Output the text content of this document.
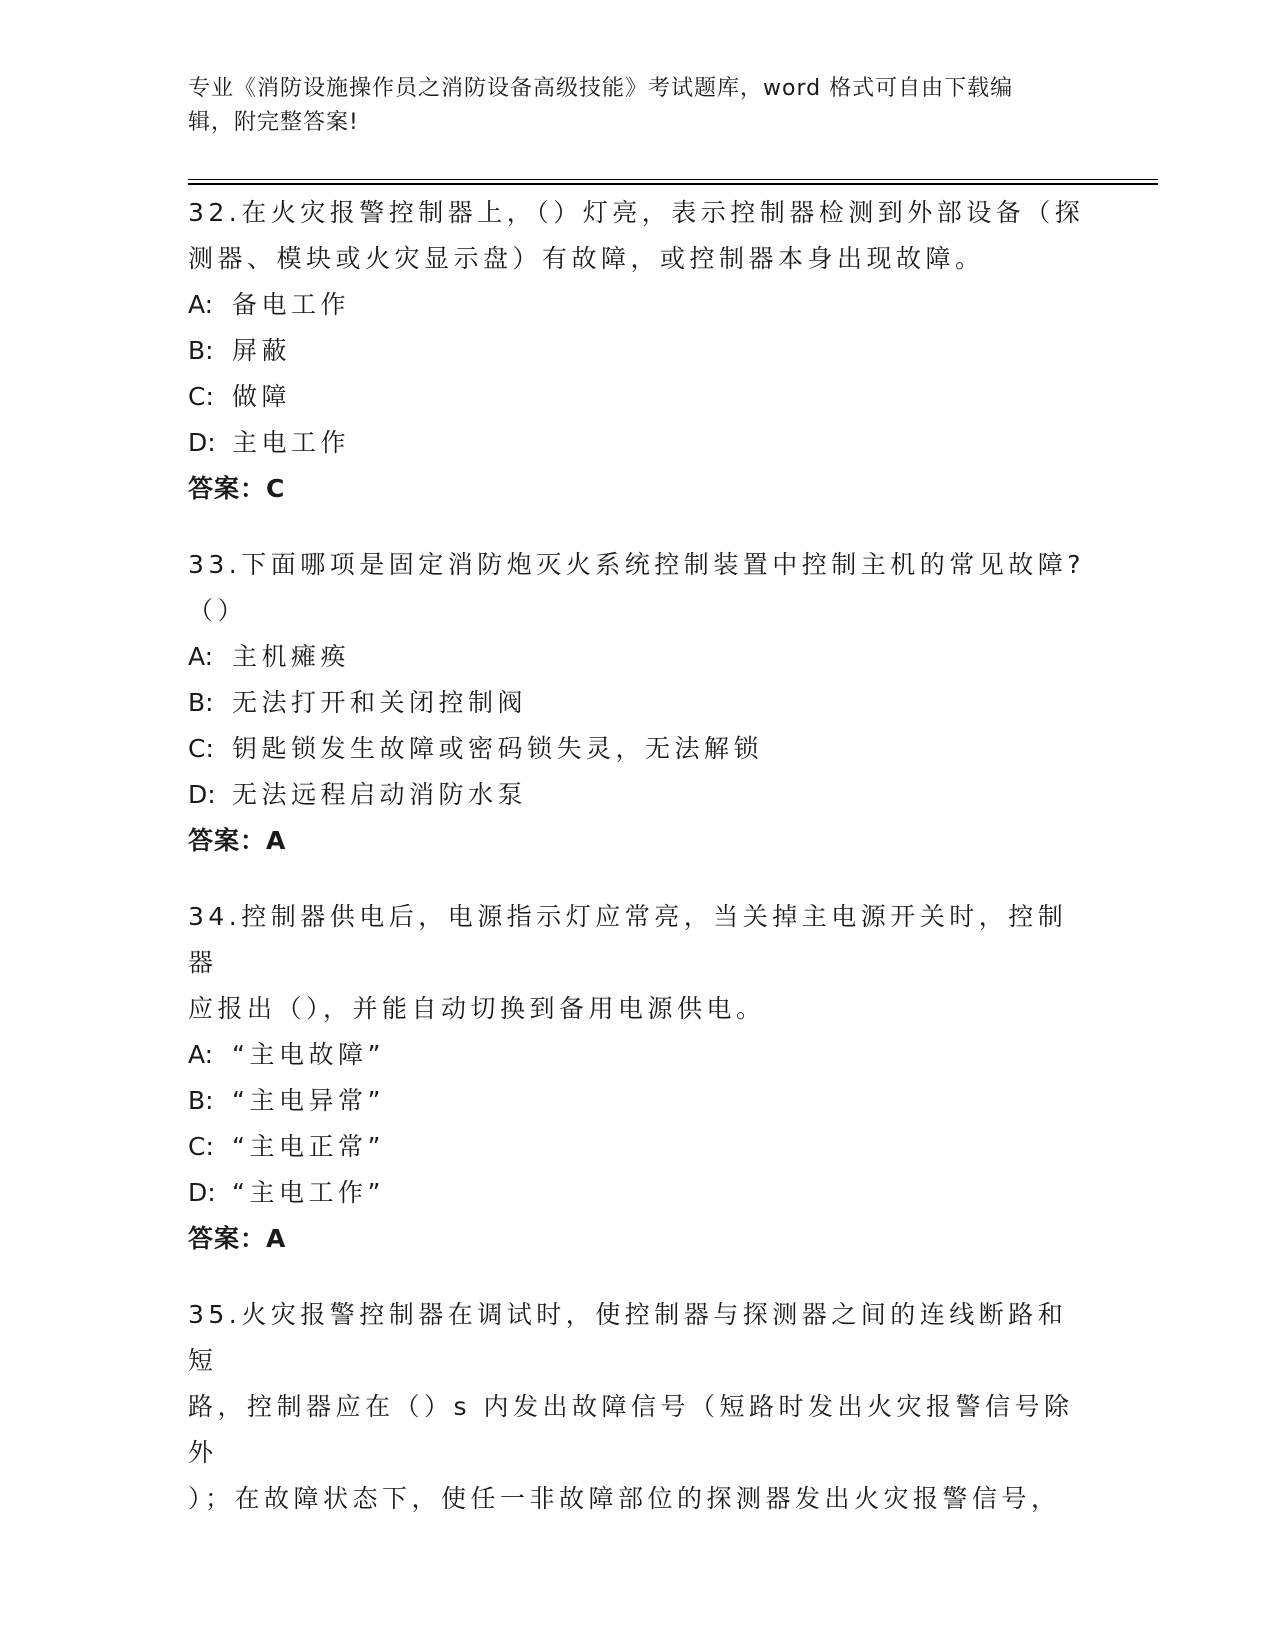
专业《消防设施操作员之消防设备高级技能》考试题库，word 格式可自由下载编
辑，附完整答案!

32.在火灾报警控制器上，（）灯亮，表示控制器检测到外部设备（探

测器、模块或火灾显示盘）有故障，或控制器本身出现故障。

A: 备电工作

B: 屏蔽

C: 做障

D: 主电工作

答案：C

33.下面哪项是固定消防炮灭火系统控制装置中控制主机的常见故障?

（）

A: 主机瘫痪

B: 无法打开和关闭控制阀

C: 钥匙锁发生故障或密码锁失灵，无法解锁

D: 无法远程启动消防水泵

答案：A

34.控制器供电后，电源指示灯应常亮，当关掉主电源开关时，控制器

应报出（），并能自动切换到备用电源供电。

A: “主电故障”

B: “主电异常”

C: “主电正常”

D: “主电工作”

答案：A

35.火灾报警控制器在调试时，使控制器与探测器之间的连线断路和短

路，控制器应在（）s 内发出故障信号（短路时发出火灾报警信号除外

）；在故障状态下，使任一非故障部位的探测器发出火灾报警信号，
